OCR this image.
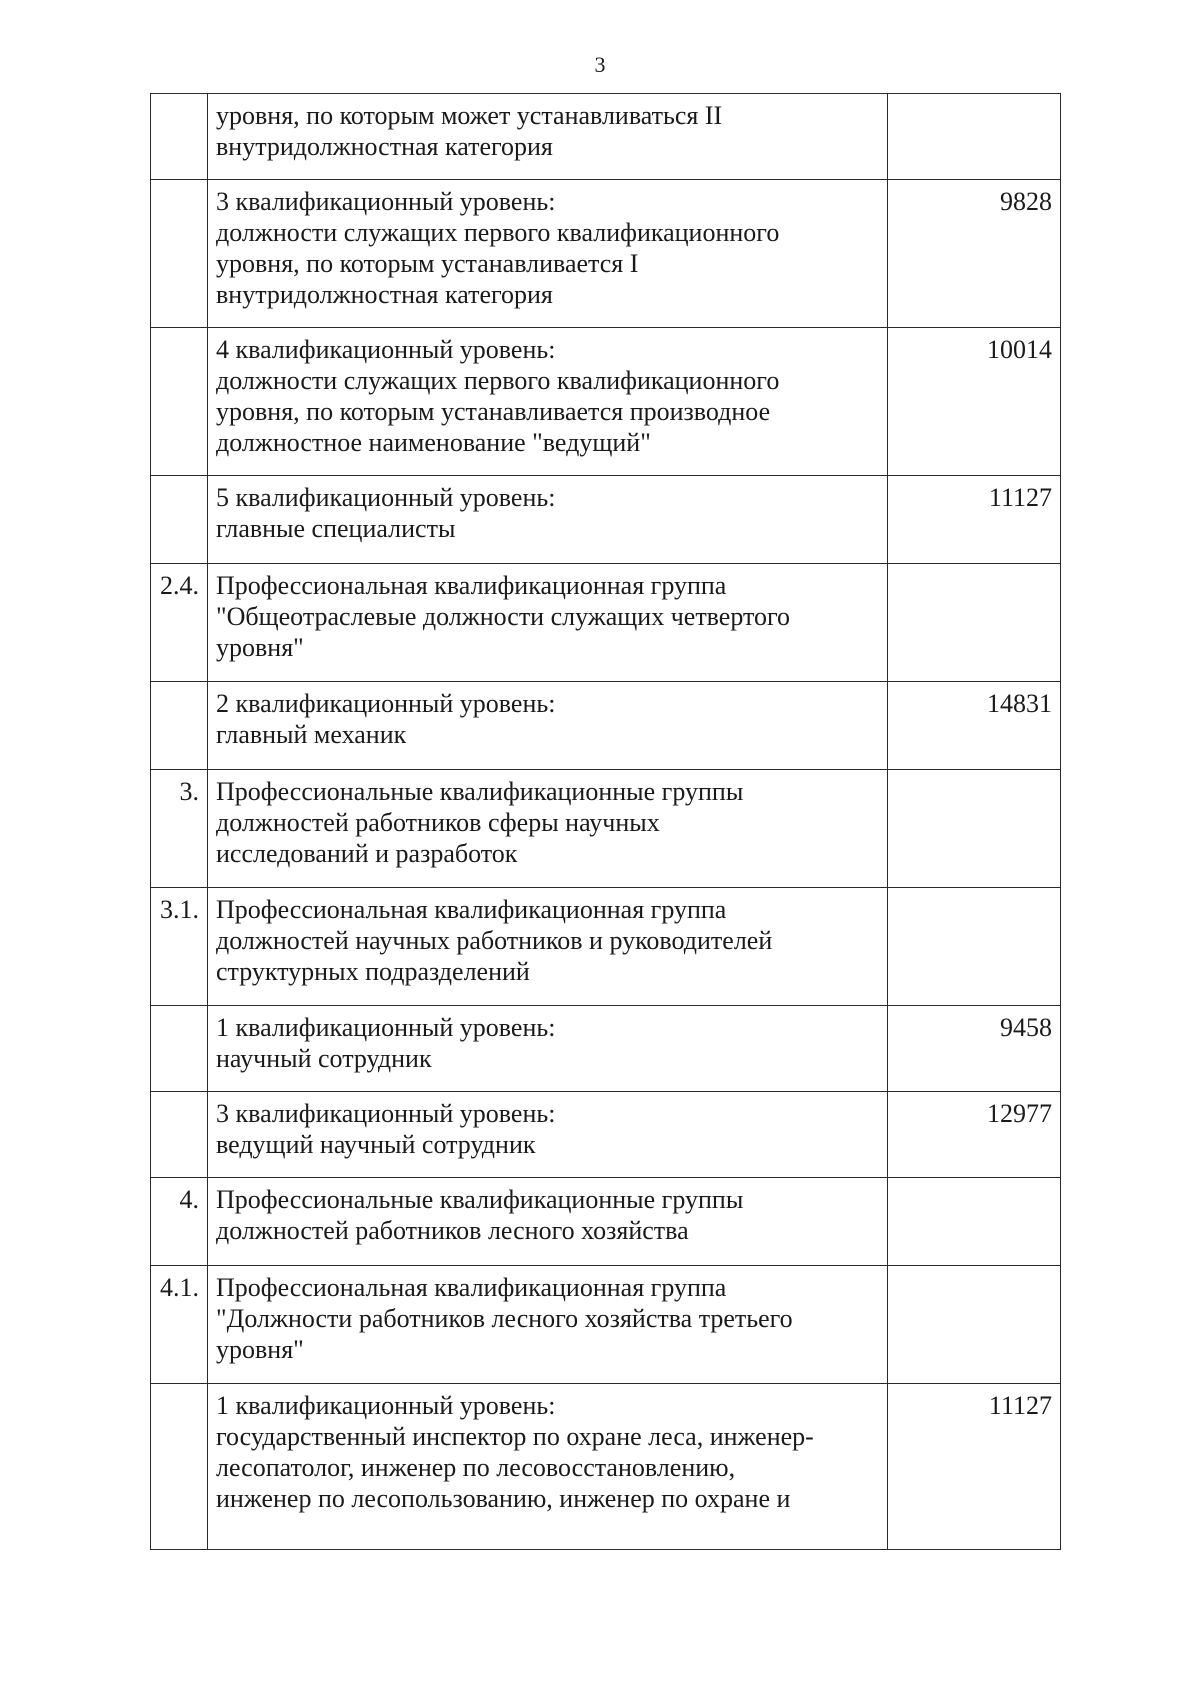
3
	уровня, по которым может устанавливаться II
внутридолжностная категория	
	3 квалификационный уровень:
должности служащих первого квалификационного
уровня, по которым устанавливается I
внутридолжностная категория	9828
	4 квалификационный уровень:
должности служащих первого квалификационного
уровня, по которым устанавливается производное
должностное наименование "ведущий"	10014
	5 квалификационный уровень:
главные специалисты	11127
2.4.	Профессиональная квалификационная группа
"Общеотраслевые должности служащих четвертого
уровня"	
	2 квалификационный уровень:
главный механик	14831
3.	Профессиональные квалификационные группы
должностей работников сферы научных
исследований и разработок	
3.1.	Профессиональная квалификационная группа
должностей научных работников и руководителей
структурных подразделений	
	1 квалификационный уровень:
научный сотрудник	9458
	3 квалификационный уровень:
ведущий научный сотрудник	12977
4.	Профессиональные квалификационные группы
должностей работников лесного хозяйства	
4.1.	Профессиональная квалификационная группа
"Должности работников лесного хозяйства третьего
уровня"	
	1 квалификационный уровень:
государственный инспектор по охране леса, инженер-
лесопатолог, инженер по лесовосстановлению,
инженер по лесопользованию, инженер по охране и	11127
